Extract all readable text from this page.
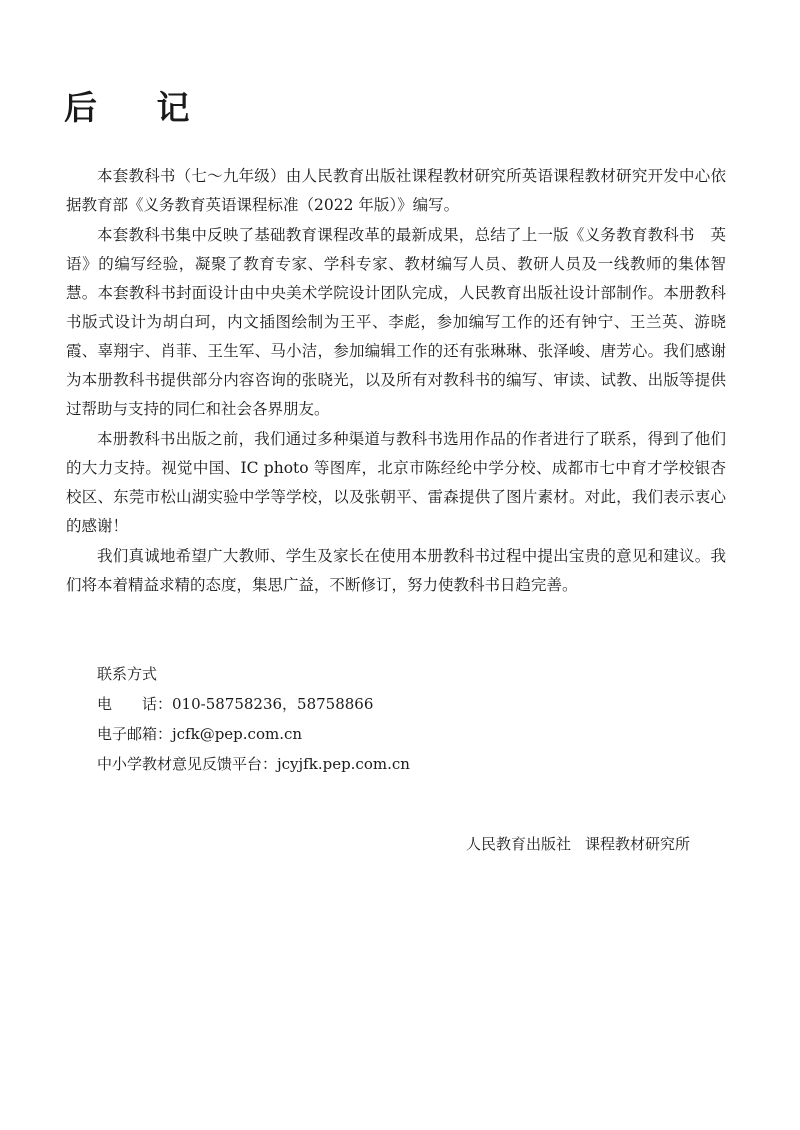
后 记

本套教科书（七～九年级）由人民教育出版社课程教材研究所英语课程教材研究开发中心依据教育部《义务教育英语课程标准（2022 年版）》编写。

本套教科书集中反映了基础教育课程改革的最新成果，总结了上一版《义务教育教科书　英语》的编写经验，凝聚了教育专家、学科专家、教材编写人员、教研人员及一线教师的集体智慧。本套教科书封面设计由中央美术学院设计团队完成，人民教育出版社设计部制作。本册教科书版式设计为胡白珂，内文插图绘制为王平、李彪，参加编写工作的还有钟宁、王兰英、游晓霞、辜翔宇、肖菲、王生军、马小洁，参加编辑工作的还有张琳琳、张泽峻、唐芳心。我们感谢为本册教科书提供部分内容咨询的张晓光，以及所有对教科书的编写、审读、试教、出版等提供过帮助与支持的同仁和社会各界朋友。

本册教科书出版之前，我们通过多种渠道与教科书选用作品的作者进行了联系，得到了他们的大力支持。视觉中国、IC photo 等图库，北京市陈经纶中学分校、成都市七中育才学校银杏校区、东莞市松山湖实验中学等学校，以及张朝平、雷森提供了图片素材。对此，我们表示衷心的感谢！

我们真诚地希望广大教师、学生及家长在使用本册教科书过程中提出宝贵的意见和建议。我们将本着精益求精的态度，集思广益，不断修订，努力使教科书日趋完善。

联系方式
电　　话：010-58758236，58758866
电子邮箱：jcfk@pep.com.cn
中小学教材意见反馈平台：jcyjfk.pep.com.cn
人民教育出版社 课程教材研究所
